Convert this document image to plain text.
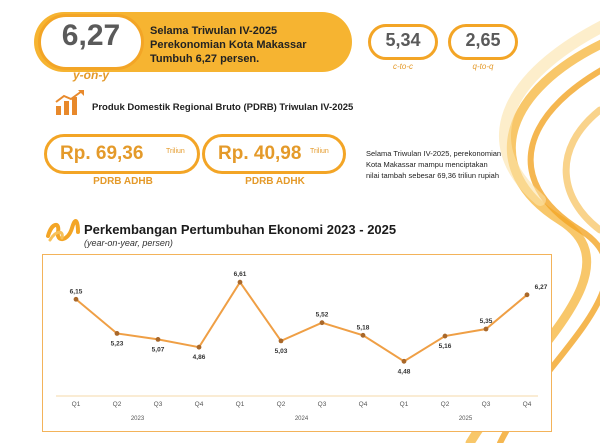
6,27
y-on-y
Selama Triwulan IV-2025
Perekonomian Kota Makassar
Tumbuh 6,27 persen.
5,34
c-to-c
2,65
q-to-q
Produk Domestik Regional Bruto (PDRB) Triwulan IV-2025
Rp. 69,36	Triliun
PDRB ADHB
Rp. 40,98 Triliun
PDRB ADHK
Selama Triwulan IV-2025, perekonomian
Kota Makassar mampu menciptakan
nilai tambah sebesar 69,36 triliun rupiah
Perkembangan Pertumbuhan Ekonomi 2023 - 2025
(year-on-year, persen)
6,15
5,23
5,07
4,86
6,61
5,03
5,52
5,18
4,48
5,16
5,35
6,27
Q1	Q2	Q3	Q4	Q1	Q2	Q3	Q4	Q1	Q2	Q3	Q4
2023	2024	2025
